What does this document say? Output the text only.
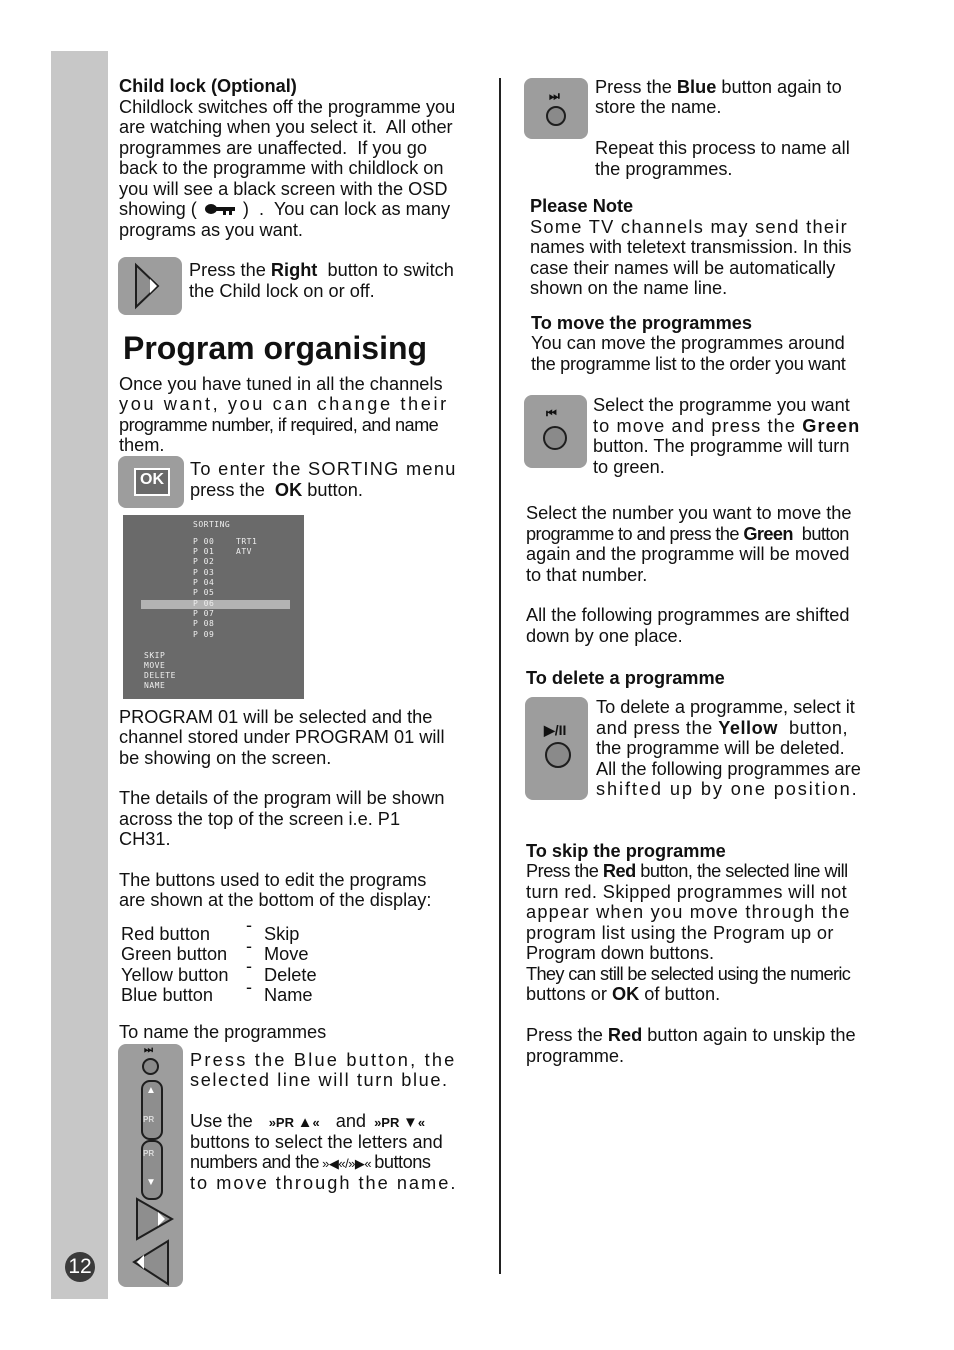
12
Child lock (Optional)
Childlock switches off the programme you
are watching when you select it.  All other
programmes are unaffected.  If you go
back to the programme with childlock on
you will see a black screen with the OSD
showing (	)  .  You can lock as many
programs as you want.
Press the Right  button to switch
the Child lock on or off.
Program organising
Once you have tuned in all the channels
you want, you can change their
programme number, if required, and name
them.
OK
To enter the SORTING menu
press the  OK button.
SORTING
P 00
P 01
P 02
P 03
P 04
P 05
P 06
P 07
P 08
P 09
TRT1
ATV
SKIP
MOVE
DELETE
NAME
PROGRAM 01 will be selected and the
channel stored under PROGRAM 01 will
be showing on the screen.
The details of the program will be shown
across the top of the screen i.e. P1
CH31.
The buttons used to edit the programs
are shown at the bottom of the display:
Red button
Green button
Yellow button
Blue button
-
-
-
-
Skip
Move
Delete
Name
To name the programmes
⏭
▲
PR
PR
▼
Press the Blue button, the
selected line will turn blue.
Use the »PR ▲« and »PR ▼«
buttons to select the letters and
numbers and the »◀«/»▶« buttons
to move through the name.
⏭ Press the Blue button again to
store the name.
Repeat this process to name all
the programmes.
Please Note
Some TV channels may send their
names with teletext transmission. In this
case their names will be automatically
shown on the name line.
To move the programmes
You can move the programmes around
the programme list to the order you want
⏮ Select the programme you want
to move and press the Green
button. The programme will turn
to green.
Select the number you want to move the
programme to and press the Green  button
again and the programme will be moved
to that number.
All the following programmes are shifted
down by one place.
To delete a programme
▶/II
To delete a programme, select it
and press the Yellow  button,
the programme will be deleted.
All the following programmes are
shifted up by one position.
To skip the programme
Press the Red button, the selected line will
turn red. Skipped programmes will not
appear when you move through the
program list using the Program up or
Program down buttons.
They can still be selected using the numeric
buttons or OK of button.
Press the Red button again to unskip the
programme.
